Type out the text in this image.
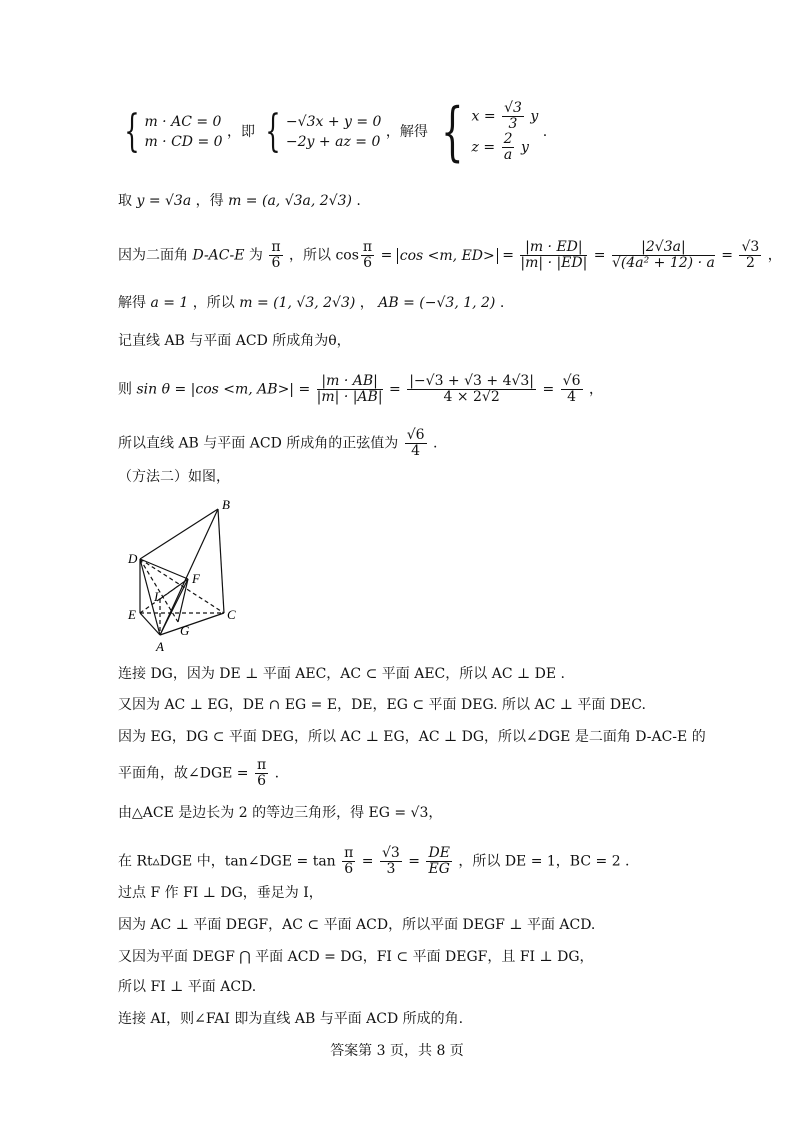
{ m · AC = 0
m · CD = 0
，即 { −√3x + y = 0
−2y + az = 0
，解得 { $x = \frac{√3}{3}$ y
$z = \frac{2}{a}$ y
.
取 y = √3a ，得 m = (a, √3a, 2√3) .
因为二面角 D-AC-E 为 $\frac{\pi}{6}$ ，所以 $\cos \frac{\pi}{6} = \cos <m$, $ED> = \frac{|m \cdot ED|}{|m| \cdot |ED|} = \frac{|2√3a|}{\text{√(4a² + 12) · a}} = \frac{√3}{2}$ ，
解得 a = 1 ，所以 m = (1, √3, 2√3) ， AB = (−√3, 1, 2) .
记直线 AB 与平面 ACD 所成角为θ，
则 sin θ = |cos <m, $AB>| = \frac{|m \cdot AB|}{|m| \cdot |AB|} = \frac{|-√3 + √3 + 4√3|}{4 \times 2√2} = \frac{√6}{4}$ ，
所以直线 AB 与平面 ACD 所成角的正弦值为 $\frac{√6}{4}$ .
（方法二）如图，
B
D
F
I
E	C
G
A
连接 DG，因为 DE ⊥ 平面 AEC，AC ⊂ 平面 AEC，所以 AC ⊥ DE .
又因为 AC ⊥ EG，DE ∩ EG = E，DE，EG ⊂ 平面 DEG. 所以 AC ⊥ 平面 DEC.
因为 EG，DG ⊂ 平面 DEG，所以 AC ⊥ EG，AC ⊥ DG，所以∠DGE 是二面角 D-AC-E 的
平面角，故∠DGE = $\frac{\pi}{6}$ .
由△ACE 是边长为 2 的等边三角形，得 EG = √3，
在 Rt▵DGE 中，tan∠DGE = $\tan \frac{\pi}{6} = \frac{√3}{3} = \frac{DE}{EG}$ ，所以 DE = 1，BC = 2 .
过点 F 作 FI ⊥ DG，垂足为 I，
因为 AC ⊥ 平面 DEGF，AC ⊂ 平面 ACD，所以平面 DEGF ⊥ 平面 ACD.
又因为平面 DEGF ⋂ 平面 ACD = DG，FI ⊂ 平面 DEGF，且 FI ⊥ DG，
所以 FI ⊥ 平面 ACD.
连接 AI，则∠FAI 即为直线 AB 与平面 ACD 所成的角.
答案第 3 页，共 8 页
